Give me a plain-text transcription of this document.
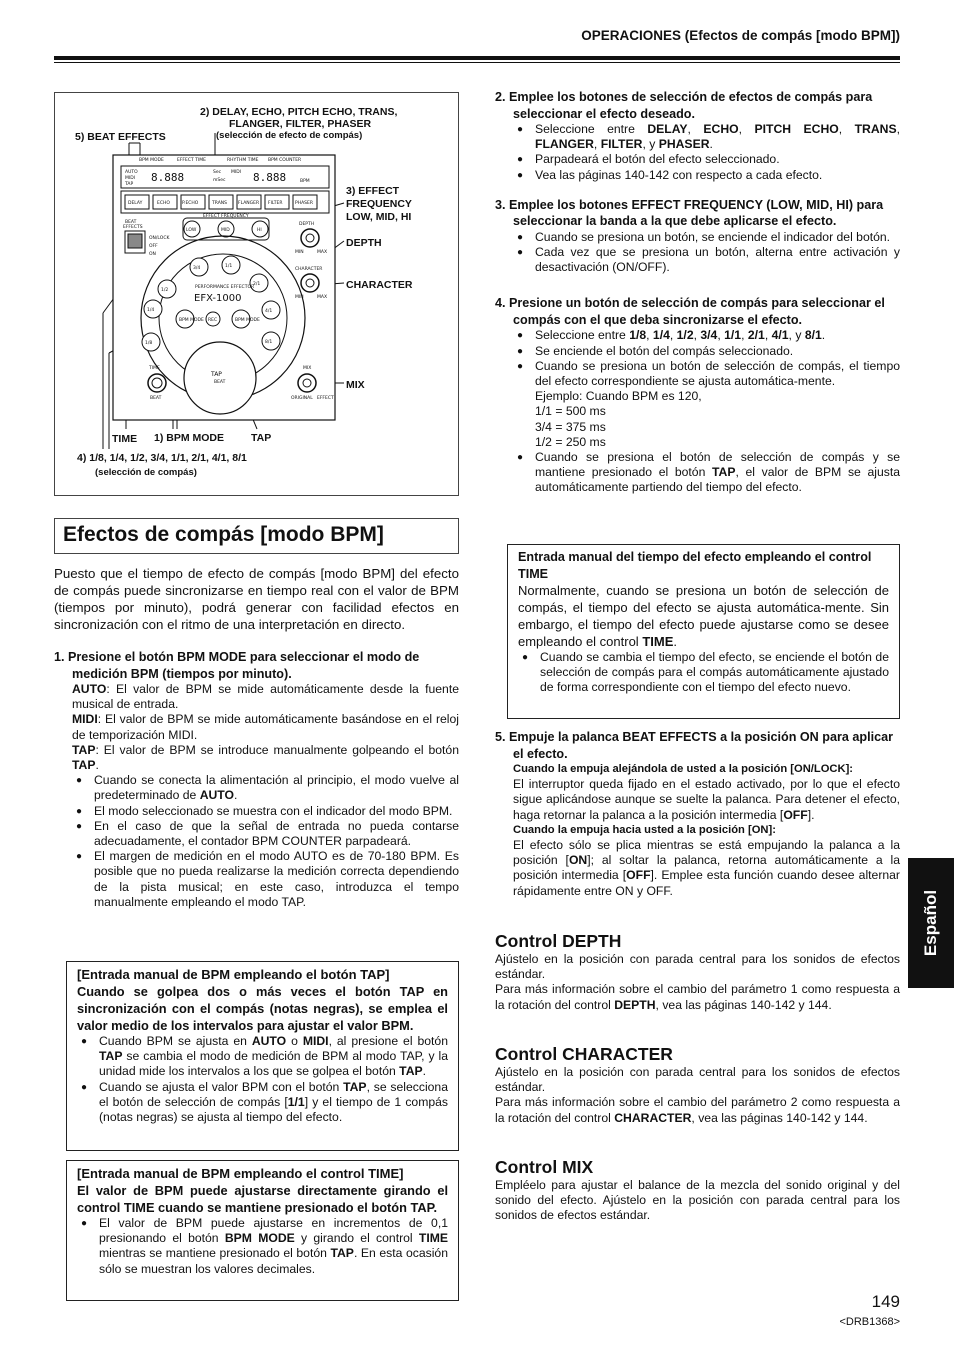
OPERACIONES (Efectos de compás [modo BPM])
5) BEAT EFFECTS
2) DELAY, ECHO, PITCH ECHO, TRANS,
FLANGER, FILTER, PHASER
(selección de efecto de compás)
3) EFFECT
FREQUENCY
LOW, MID, HI
DEPTH
CHARACTER
MIX
TIME 1) BPM MODE	TAP
4) 1/8, 1/4, 1/2, 3/4, 1/1, 2/1, 4/1, 8/1
(selección de compás)
BPM MODE	EFFECT TIME	RHYTHM TIME BPM COUNTER
AUTO
MIDI
TAP
Sec
mSec	BPM
MIDI
DELAY	ECHO	P.ECHO	TRANS FLANGER FILTER	PHASER
EFFECT FREQUENCY
LOW	MID	HI
BEAT
EFFECTS
ON/LOCK
OFF
ON
3/4	1/1
1/2
2/1
1/4	4/1
1/8	8/1
BPM MODE REC	BPM MODE
PERFORMANCE EFFECTOR
DEPTH
CHARACTER
MIX
TIME
MIN	MAX
MIN	MAX
ORIGINAL EFFECT
BEAT
BEAT
EFX-1000
TAP
8.888	8.888
Efectos de compás [modo BPM]

Puesto que el tiempo de efecto de compás [modo BPM] del efecto de compás puede sincronizarse en tiempo real con el valor de BPM (tiempos por minuto), podrá generar con facilidad efectos en sincronización con el ritmo de una interpretación en directo.

1. Presione el botón BPM MODE para seleccionar el modo de medición BPM (tiempos por minuto).

AUTO: El valor de BPM se mide automáticamente desde la fuente musical de entrada.

MIDI: El valor de BPM se mide automáticamente basándose en el reloj de temporización MIDI.

TAP: El valor de BPM se introduce manualmente golpeando el botón TAP.

● Cuando se conecta la alimentación al principio, el modo vuelve al predeterminado de AUTO.
● El modo seleccionado se muestra con el indicador del modo BPM.
● En el caso de que la señal de entrada no pueda contarse adecuadamente, el contador BPM COUNTER parpadeará.
● El margen de medición en el modo AUTO es de 70-180 BPM. Es posible que no pueda realizarse la medición correcta dependiendo de la pista musical; en este caso, introduzca el tempo manualmente empleando el modo TAP.

[Entrada manual de BPM empleando el botón TAP]

Cuando se golpea dos o más veces el botón TAP en sincronización con el compás (notas negras), se emplea el valor medio de los intervalos para ajustar el valor BPM.

● Cuando BPM se ajusta en AUTO o MIDI, al presione el botón TAP se cambia el modo de medición de BPM al modo TAP, y la unidad mide los intervalos a los que se golpea el botón TAP.
● Cuando se ajusta el valor BPM con el botón TAP, se selecciona el botón de selección de compás [1/1] y el tiempo de 1 compás (notas negras) se ajusta al tiempo del efecto.

[Entrada manual de BPM empleando el control TIME]

El valor de BPM puede ajustarse directamente girando el control TIME cuando se mantiene presionado el botón TAP.

● El valor de BPM puede ajustarse en incrementos de 0,1 presionando el botón BPM MODE y girando el control TIME mientras se mantiene presionado el botón TAP. En esta ocasión sólo se muestran los valores decimales.

2. Emplee los botones de selección de efectos de compás para seleccionar el efecto deseado.

● Seleccione entre DELAY, ECHO, PITCH ECHO, TRANS, FLANGER, FILTER, y PHASER.
● Parpadeará el botón del efecto seleccionado.
● Vea las páginas 140-142 con respecto a cada efecto.

3. Emplee los botones EFFECT FREQUENCY (LOW, MID, HI) para seleccionar la banda a la que debe aplicarse el efecto.

● Cuando se presiona un botón, se enciende el indicador del botón.
● Cada vez que se presiona un botón, alterna entre activación y desactivación (ON/OFF).

4. Presione un botón de selección de compás para seleccionar el compás con el que deba sincronizarse el efecto.

● Seleccione entre 1/8, 1/4, 1/2, 3/4, 1/1, 2/1, 4/1, y 8/1.
● Se enciende el botón del compás seleccionado.
● Cuando se presiona un botón de selección de compás, el tiempo del efecto correspondiente se ajusta automática-mente.

Ejemplo: Cuando BPM es 120,

1/1 = 500 ms

3/4 = 375 ms

1/2 = 250 ms

● Cuando se presiona el botón de selección de compás y se mantiene presionado el botón TAP, el valor de BPM se ajusta automáticamente partiendo del tiempo del efecto.

Entrada manual del tiempo del efecto empleando el control TIME

Normalmente, cuando se presiona un botón de selección de compás, el tiempo del efecto se ajusta automática-mente. Sin embargo, el tiempo del efecto puede ajustarse como se desee empleando el control TIME.

● Cuando se cambia el tiempo del efecto, se enciende el botón de selección de compás para el compás automáticamente ajustado de forma correspondiente con el tiempo del efecto nuevo.

5. Empuje la palanca BEAT EFFECTS a la posición ON para aplicar el efecto.

Cuando la empuja alejándola de usted a la posición [ON/LOCK]:

El interruptor queda fijado en el estado activado, por lo que el efecto sigue aplicándose aunque se suelte la palanca. Para detener el efecto, haga retornar la palanca a la posición intermedia [OFF].

Cuando la empuja hacia usted a la posición [ON]:

El efecto sólo se plica mientras se está empujando la palanca a la posición [ON]; al soltar la palanca, retorna automáticamente a la posición intermedia [OFF]. Emplee esta función cuando desee alternar rápidamente entre ON y OFF.

Control DEPTH

Ajústelo en la posición con parada central para los sonidos de efectos estándar.

Para más información sobre el cambio del parámetro 1 como respuesta a la rotación del control DEPTH, vea las páginas 140-142 y 144.

Control CHARACTER

Ajústelo en la posición con parada central para los sonidos de efectos estándar.

Para más información sobre el cambio del parámetro 2 como respuesta a la rotación del control CHARACTER, vea las páginas 140-142 y 144.

Control MIX

Empléelo para ajustar el balance de la mezcla del sonido original y del sonido del efecto. Ajústelo en la posición con parada central para los sonidos de efectos estándar.

Español
149
<DRB1368>
